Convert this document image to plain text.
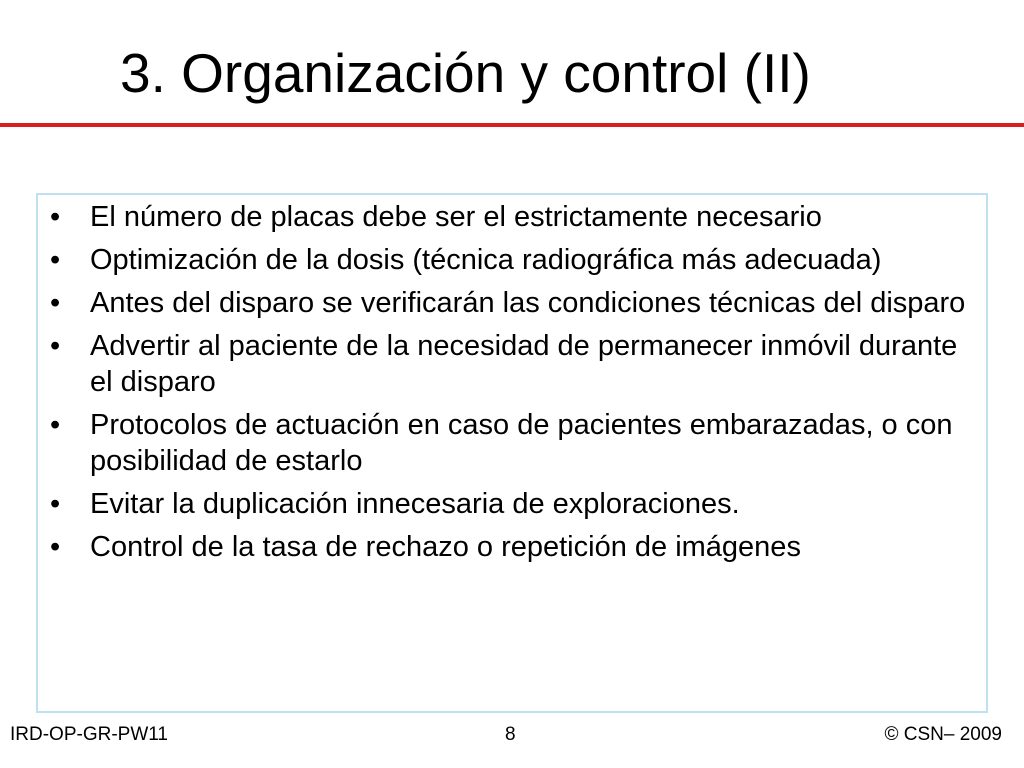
3. Organización y control (II)
•	El número de placas debe ser el estrictamente necesario
•	Optimización de la dosis (técnica radiográfica más adecuada)
•	Antes del disparo se verificarán las condiciones técnicas del disparo
•	Advertir al paciente de la necesidad de permanecer inmóvil durante el disparo
•	Protocolos de actuación en caso de pacientes embarazadas, o con posibilidad de estarlo
•	Evitar la duplicación innecesaria de exploraciones.
•	Control de la tasa de rechazo o repetición de imágenes
IRD-OP-GR-PW11	8	© CSN– 2009
